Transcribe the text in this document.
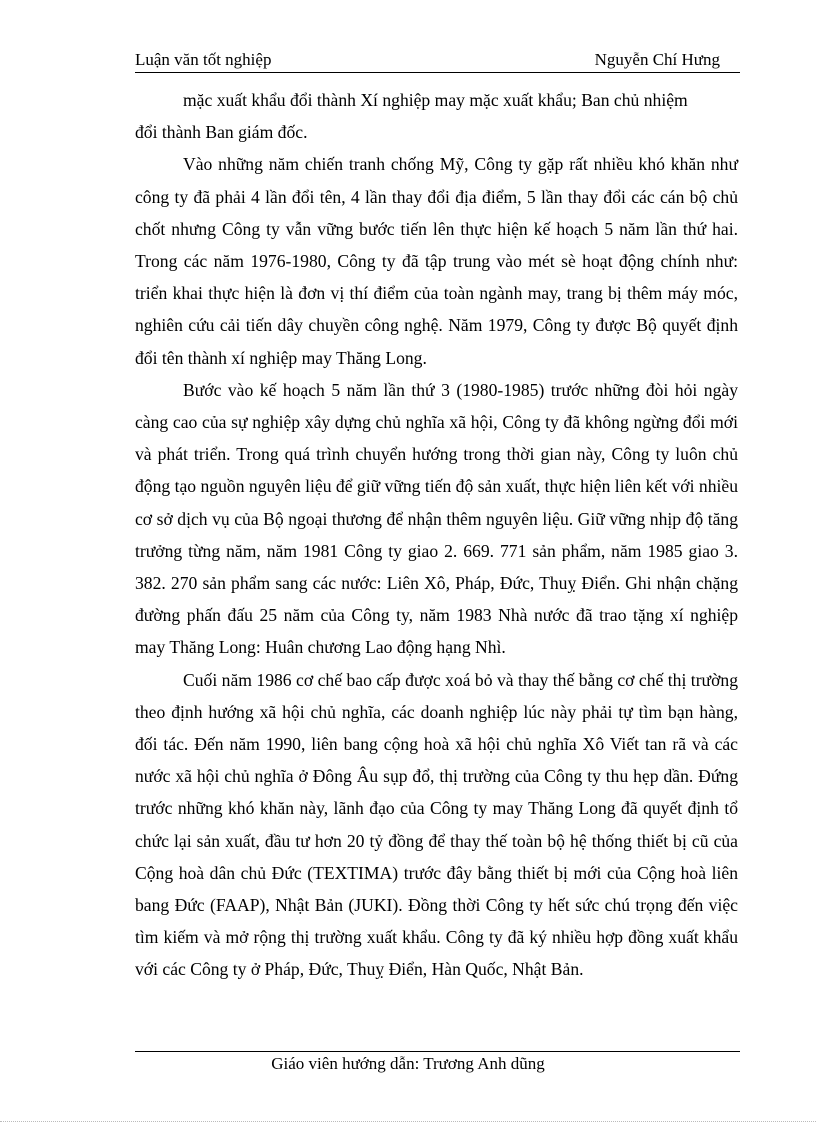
Luận văn tốt nghiệp	Nguyễn Chí Hưng

mặc xuất khẩu đổi thành Xí nghiệp may mặc xuất khẩu; Ban chủ nhiệm

đổi thành Ban giám đốc.

Vào những năm chiến tranh chống Mỹ, Công ty gặp rất nhiều khó khăn như công ty đã phải 4 lần đổi tên, 4 lần thay đổi địa điểm, 5 lần thay đổi các cán bộ chủ chốt nhưng Công ty vẫn vững bước tiến lên thực hiện kế hoạch 5 năm lần thứ hai. Trong các năm 1976-1980, Công ty đã tập trung vào mét sè hoạt động chính như: triển khai thực hiện là đơn vị thí điểm của toàn ngành may, trang bị thêm máy móc, nghiên cứu cải tiến dây chuyền công nghệ. Năm 1979, Công ty được Bộ quyết định đổi tên thành xí nghiệp may Thăng Long.

Bước vào kế hoạch 5 năm lần thứ 3 (1980-1985) trước những đòi hỏi ngày càng cao của sự nghiệp xây dựng chủ nghĩa xã hội, Công ty đã không ngừng đổi mới và phát triển. Trong quá trình chuyển hướng trong thời gian này, Công ty luôn chủ động tạo nguồn nguyên liệu để giữ vững tiến độ sản xuất, thực hiện liên kết với nhiều cơ sở dịch vụ của Bộ ngoại thương để nhận thêm nguyên liệu. Giữ vững nhịp độ tăng trưởng từng năm, năm 1981 Công ty giao 2. 669. 771 sản phẩm, năm 1985 giao 3. 382. 270 sản phẩm sang các nước: Liên Xô, Pháp, Đức, Thuỵ Điển. Ghi nhận chặng đường phấn đấu 25 năm của Công ty, năm 1983 Nhà nước đã trao tặng xí nghiệp may Thăng Long: Huân chương Lao động hạng Nhì.

Cuối năm 1986 cơ chế bao cấp được xoá bỏ và thay thế bằng cơ chế thị trường theo định hướng xã hội chủ nghĩa, các doanh nghiệp lúc này phải tự tìm bạn hàng, đối tác. Đến năm 1990, liên bang cộng hoà xã hội chủ nghĩa Xô Viết tan rã và các nước xã hội chủ nghĩa ở Đông Âu sụp đổ, thị trường của Công ty thu hẹp dần. Đứng trước những khó khăn này, lãnh đạo của Công ty may Thăng Long đã quyết định tổ chức lại sản xuất, đầu tư hơn 20 tỷ đồng để thay thế toàn bộ hệ thống thiết bị cũ của Cộng hoà dân chủ Đức (TEXTIMA) trước đây bằng thiết bị mới của Cộng hoà liên bang Đức (FAAP), Nhật Bản (JUKI). Đồng thời Công ty hết sức chú trọng đến việc tìm kiếm và mở rộng thị trường xuất khẩu. Công ty đã ký nhiều hợp đồng xuất khẩu với các Công ty ở Pháp, Đức, Thuỵ Điển, Hàn Quốc, Nhật Bản.

Giáo viên hướng dẫn: Trương Anh dũng
